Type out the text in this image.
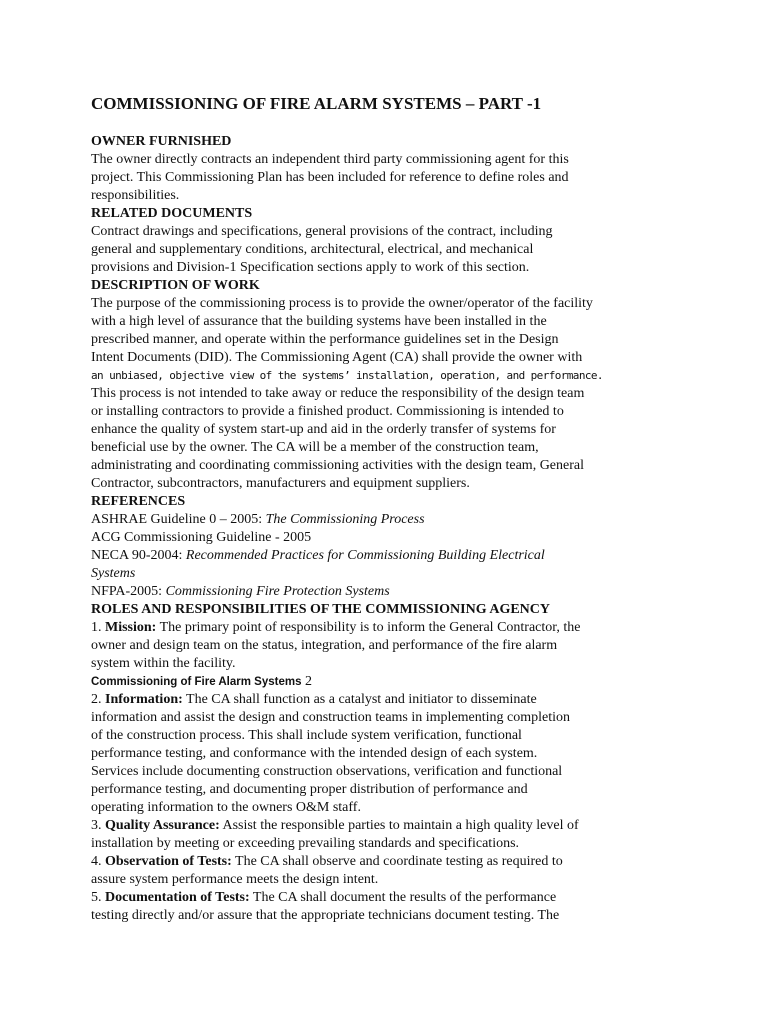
COMMISSIONING OF FIRE ALARM SYSTEMS – PART -1
OWNER FURNISHED
The owner directly contracts an independent third party commissioning agent for this
project. This Commissioning Plan has been included for reference to define roles and
responsibilities.
RELATED DOCUMENTS
Contract drawings and specifications, general provisions of the contract, including
general and supplementary conditions, architectural, electrical, and mechanical
provisions and Division-1 Specification sections apply to work of this section.
DESCRIPTION OF WORK
The purpose of the commissioning process is to provide the owner/operator of the facility
with a high level of assurance that the building systems have been installed in the
prescribed manner, and operate within the performance guidelines set in the Design
Intent Documents (DID). The Commissioning Agent (CA) shall provide the owner with
an unbiased, objective view of the systems’ installation, operation, and performance.
This process is not intended to take away or reduce the responsibility of the design team
or installing contractors to provide a finished product. Commissioning is intended to
enhance the quality of system start-up and aid in the orderly transfer of systems for
beneficial use by the owner. The CA will be a member of the construction team,
administrating and coordinating commissioning activities with the design team, General
Contractor, subcontractors, manufacturers and equipment suppliers.
REFERENCES
ASHRAE Guideline 0 – 2005: The Commissioning Process
ACG Commissioning Guideline - 2005
NECA 90-2004: Recommended Practices for Commissioning Building Electrical
Systems
NFPA-2005: Commissioning Fire Protection Systems
ROLES AND RESPONSIBILITIES OF THE COMMISSIONING AGENCY
1. Mission: The primary point of responsibility is to inform the General Contractor, the
owner and design team on the status, integration, and performance of the fire alarm
system within the facility.
Commissioning of Fire Alarm Systems 2
2. Information: The CA shall function as a catalyst and initiator to disseminate
information and assist the design and construction teams in implementing completion
of the construction process. This shall include system verification, functional
performance testing, and conformance with the intended design of each system.
Services include documenting construction observations, verification and functional
performance testing, and documenting proper distribution of performance and
operating information to the owners O&M staff.
3. Quality Assurance: Assist the responsible parties to maintain a high quality level of
installation by meeting or exceeding prevailing standards and specifications.
4. Observation of Tests: The CA shall observe and coordinate testing as required to
assure system performance meets the design intent.
5. Documentation of Tests: The CA shall document the results of the performance
testing directly and/or assure that the appropriate technicians document testing. The
